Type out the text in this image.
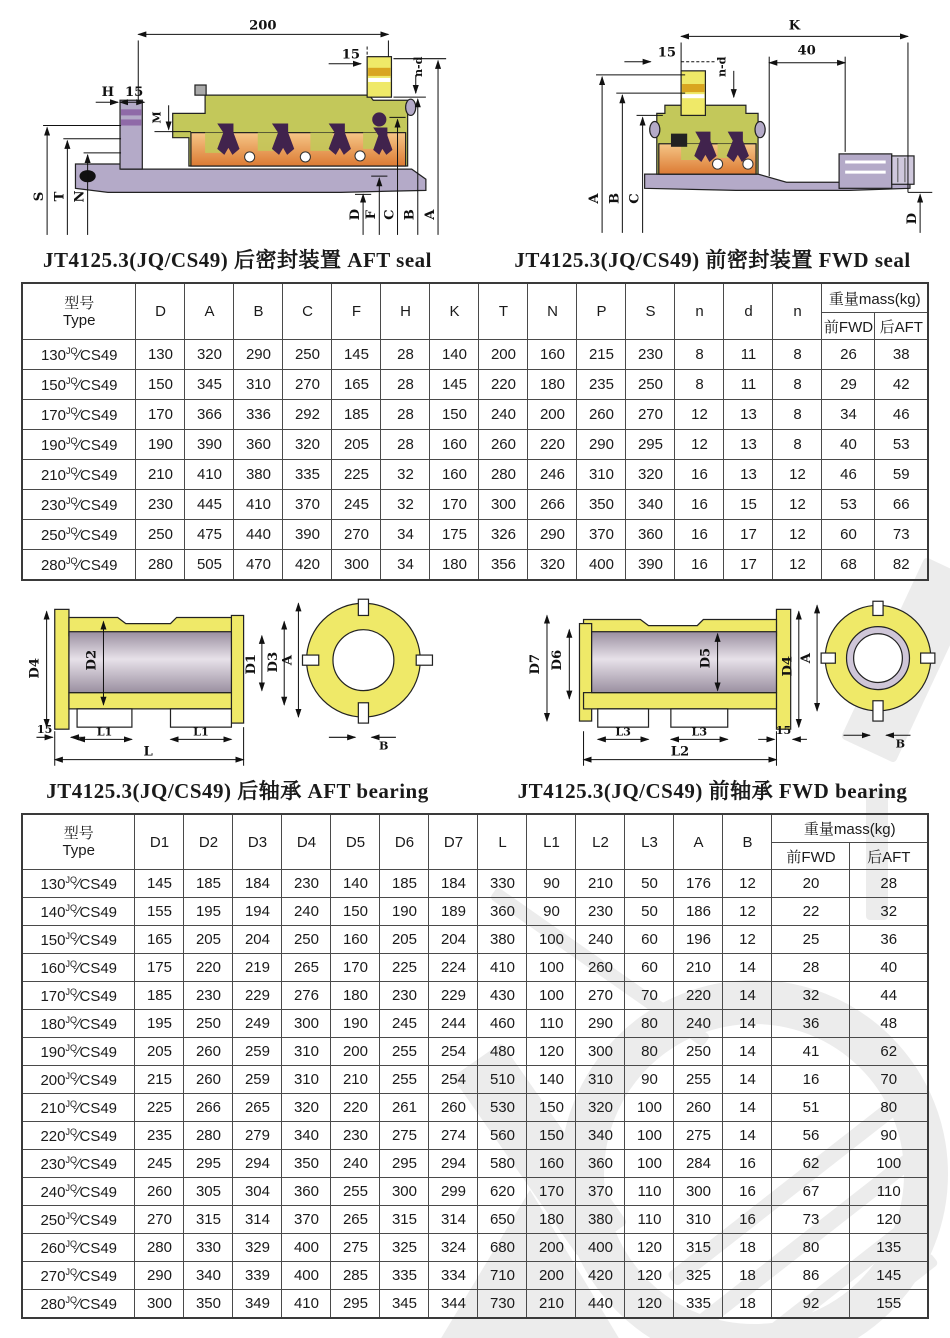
200
15
n-d
H 15
M
S T N
D F C B A
K
15
n-d
40
A B C
D
JT4125.3(JQ/CS49) 后密封装置 AFT seal	JT4125.3(JQ/CS49) 前密封装置 FWD seal
型号
Type	D	A	B	C	F	H	K	T	N	P	S	n	d	n	重量mass(kg)	
															前FWD	后AFT
$130^{JQ}∕CS49$	130	320	290	250	145	28	140	200	160	215	230	8	11	8	26	38
$150^{JQ}∕CS49$	150	345	310	270	165	28	145	220	180	235	250	8	11	8	29	42
$170^{JQ}∕CS49$	170	366	336	292	185	28	150	240	200	260	270	12	13	8	34	46
$190^{JQ}∕CS49$	190	390	360	320	205	28	160	260	220	290	295	12	13	8	40	53
$210^{JQ}∕CS49$	210	410	380	335	225	32	160	280	246	310	320	16	13	12	46	59
$230^{JQ}∕CS49$	230	445	410	370	245	32	170	300	266	350	340	16	15	12	53	66
$250^{JQ}∕CS49$	250	475	440	390	270	34	175	326	290	370	360	16	17	12	60	73
$280^{JQ}∕CS49$	280	505	470	420	300	34	180	356	320	400	390	16	17	12	68	82
D4	D2	D1 D3
15	L1	L1
L
A
B
D7 D6	D5	D4
L3	L3	15
L2
A
B
JT4125.3(JQ/CS49) 后轴承 AFT bearing	JT4125.3(JQ/CS49) 前轴承 FWD bearing
型号
Type	D1	D2	D3	D4	D5	D6	D7	L	L1	L2	L3	A	B	重量mass(kg)	
														前FWD	后AFT
$130^{JQ}∕CS49$	145	185	184	230	140	185	184	330	90	210	50	176	12	20	28
$140^{JQ}∕CS49$	155	195	194	240	150	190	189	360	90	230	50	186	12	22	32
$150^{JQ}∕CS49$	165	205	204	250	160	205	204	380	100	240	60	196	12	25	36
$160^{JQ}∕CS49$	175	220	219	265	170	225	224	410	100	260	60	210	14	28	40
$170^{JQ}∕CS49$	185	230	229	276	180	230	229	430	100	270	70	220	14	32	44
$180^{JQ}∕CS49$	195	250	249	300	190	245	244	460	110	290	80	240	14	36	48
$190^{JQ}∕CS49$	205	260	259	310	200	255	254	480	120	300	80	250	14	41	62
$200^{JQ}∕CS49$	215	260	259	310	210	255	254	510	140	310	90	255	14	16	70
$210^{JQ}∕CS49$	225	266	265	320	220	261	260	530	150	320	100	260	14	51	80
$220^{JQ}∕CS49$	235	280	279	340	230	275	274	560	150	340	100	275	14	56	90
$230^{JQ}∕CS49$	245	295	294	350	240	295	294	580	160	360	100	284	16	62	100
$240^{JQ}∕CS49$	260	305	304	360	255	300	299	620	170	370	110	300	16	67	110
$250^{JQ}∕CS49$	270	315	314	370	265	315	314	650	180	380	110	310	16	73	120
$260^{JQ}∕CS49$	280	330	329	400	275	325	324	680	200	400	120	315	18	80	135
$270^{JQ}∕CS49$	290	340	339	400	285	335	334	710	200	420	120	325	18	86	145
$280^{JQ}∕CS49$	300	350	349	410	295	345	344	730	210	440	120	335	18	92	155
